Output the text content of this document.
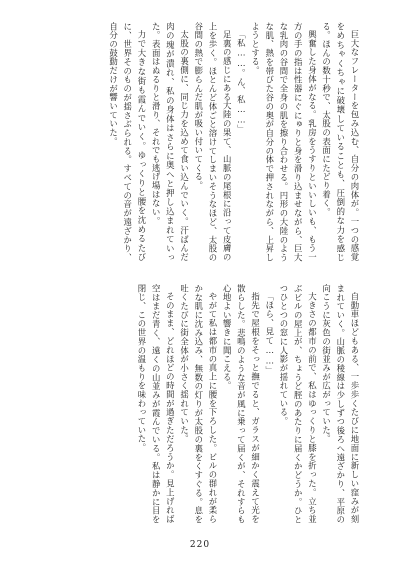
巨大なフレーターを包み込む、自分の肉体が。一つの感覚をめちゃくちゃに破壊していることも、圧倒的な力を感じる。ほんの数十秒で、太股の表面にたどり着く。

興奮した身体がなる。乳房をうすりといいしいも、もう一方の手の指は性器にぐにゅりと身を滑り込ませながら、巨大な乳肉の谷間で全身の肌を擦り合わせる。円形の大陸のような肌、熱を帯びた谷の奥が自分の体で押されながら、上昇しようとする。

「私……。ん、私……」

足裏の感じにある大陸の果て、山脈の尾根に沿って皮膚の上を歩く。ほとんど体ごと溶けてしまいそうなほど、太股の谷間の熱で膨らんだ肌が吸い付いてくる。

太股の裏側に、同じ力を込めて食い込んでいく。汗ばんだ肉の塊が潰れ、私の身体はさらに奥へと押し込まれていった。表面はぬるりと滑り、それでも逃げ場はない。

力で大きな街も霞んでいく。ゆっくりと腰を沈めるたびに、世界そのものが揺さぶられる。すべての音が遠ざかり、自分の鼓動だけが響いていた。

自動車ほどもある、一歩歩くたびに地面に新しい窪みが刻まれていく。山脈の稜線は少しずつ後ろへ遠ざかり、平原の向こうに灰色の街並みが広がっていた。

大きさの都市の前で、私はゆっくりと膝を折った。立ち並ぶビルの屋上が、ちょうど脛のあたりに届くかどうか。ひとつひとつの窓に人影が揺れている。

「ほら、見て……」

指先で屋根をそっと撫でると、ガラスが細かく震えて光を散らした。悲鳴のような音が風に乗って届くが、それすらも心地よい響きに聞こえる。

やがて私は都市の真上に腰を下ろした。ビルの群れが柔らかな肌に沈み込み、無数の灯りが太股の裏をくすぐる。息を吐くたびに街全体が小さく揺れていた。

そのまま、どれほどの時間が過ぎただろうか。見上げれば空はまだ青く、遠くの山並みが霞んでいる。私は静かに目を閉じ、この世界の温もりを味わっていた。

220
